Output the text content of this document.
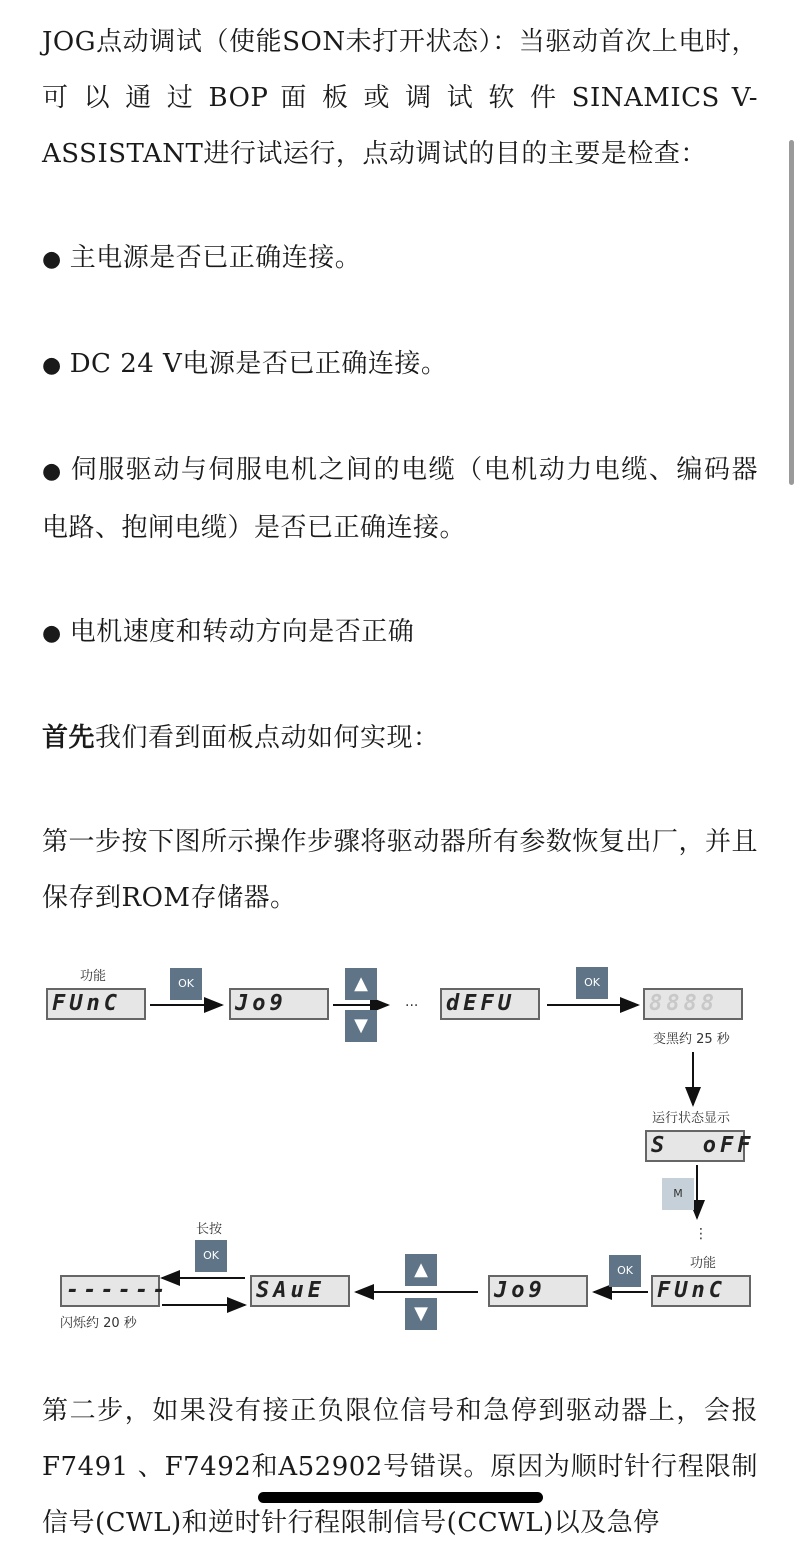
JOG点动调试（使能SON未打开状态）：当驱动首次上电时， 可 以 通 过 BOP 面 板 或 调 试 软 件 SINAMICS V-ASSISTANT进行试运行，点动调试的目的主要是检查：

● 主电源是否已正确连接。

● DC 24 V电源是否已正确连接。

● 伺服驱动与伺服电机之间的电缆（电机动力电缆、编码器电路、抱闸电缆）是否已正确连接。

● 电机速度和转动方向是否正确

首先我们看到面板点动如何实现：

第一步按下图所示操作步骤将驱动器所有参数恢复出厂，并且保存到ROM存储器。

功能
FUnC
OK
Jo9
▲
▼
... dEFU
OK
8888
变黑约 25 秒
运行状态显示
S  oFF
M
⋮
功能
FUnC
OK
Jo9
▲
▼
SAuE
长按
OK
------
闪烁约 20 秒

第二步，如果没有接正负限位信号和急停到驱动器上，会报F7491 、F7492和A52902号错误。原因为顺时针行程限制信号(CWL)和逆时针行程限制信号(CCWL)以及急停
